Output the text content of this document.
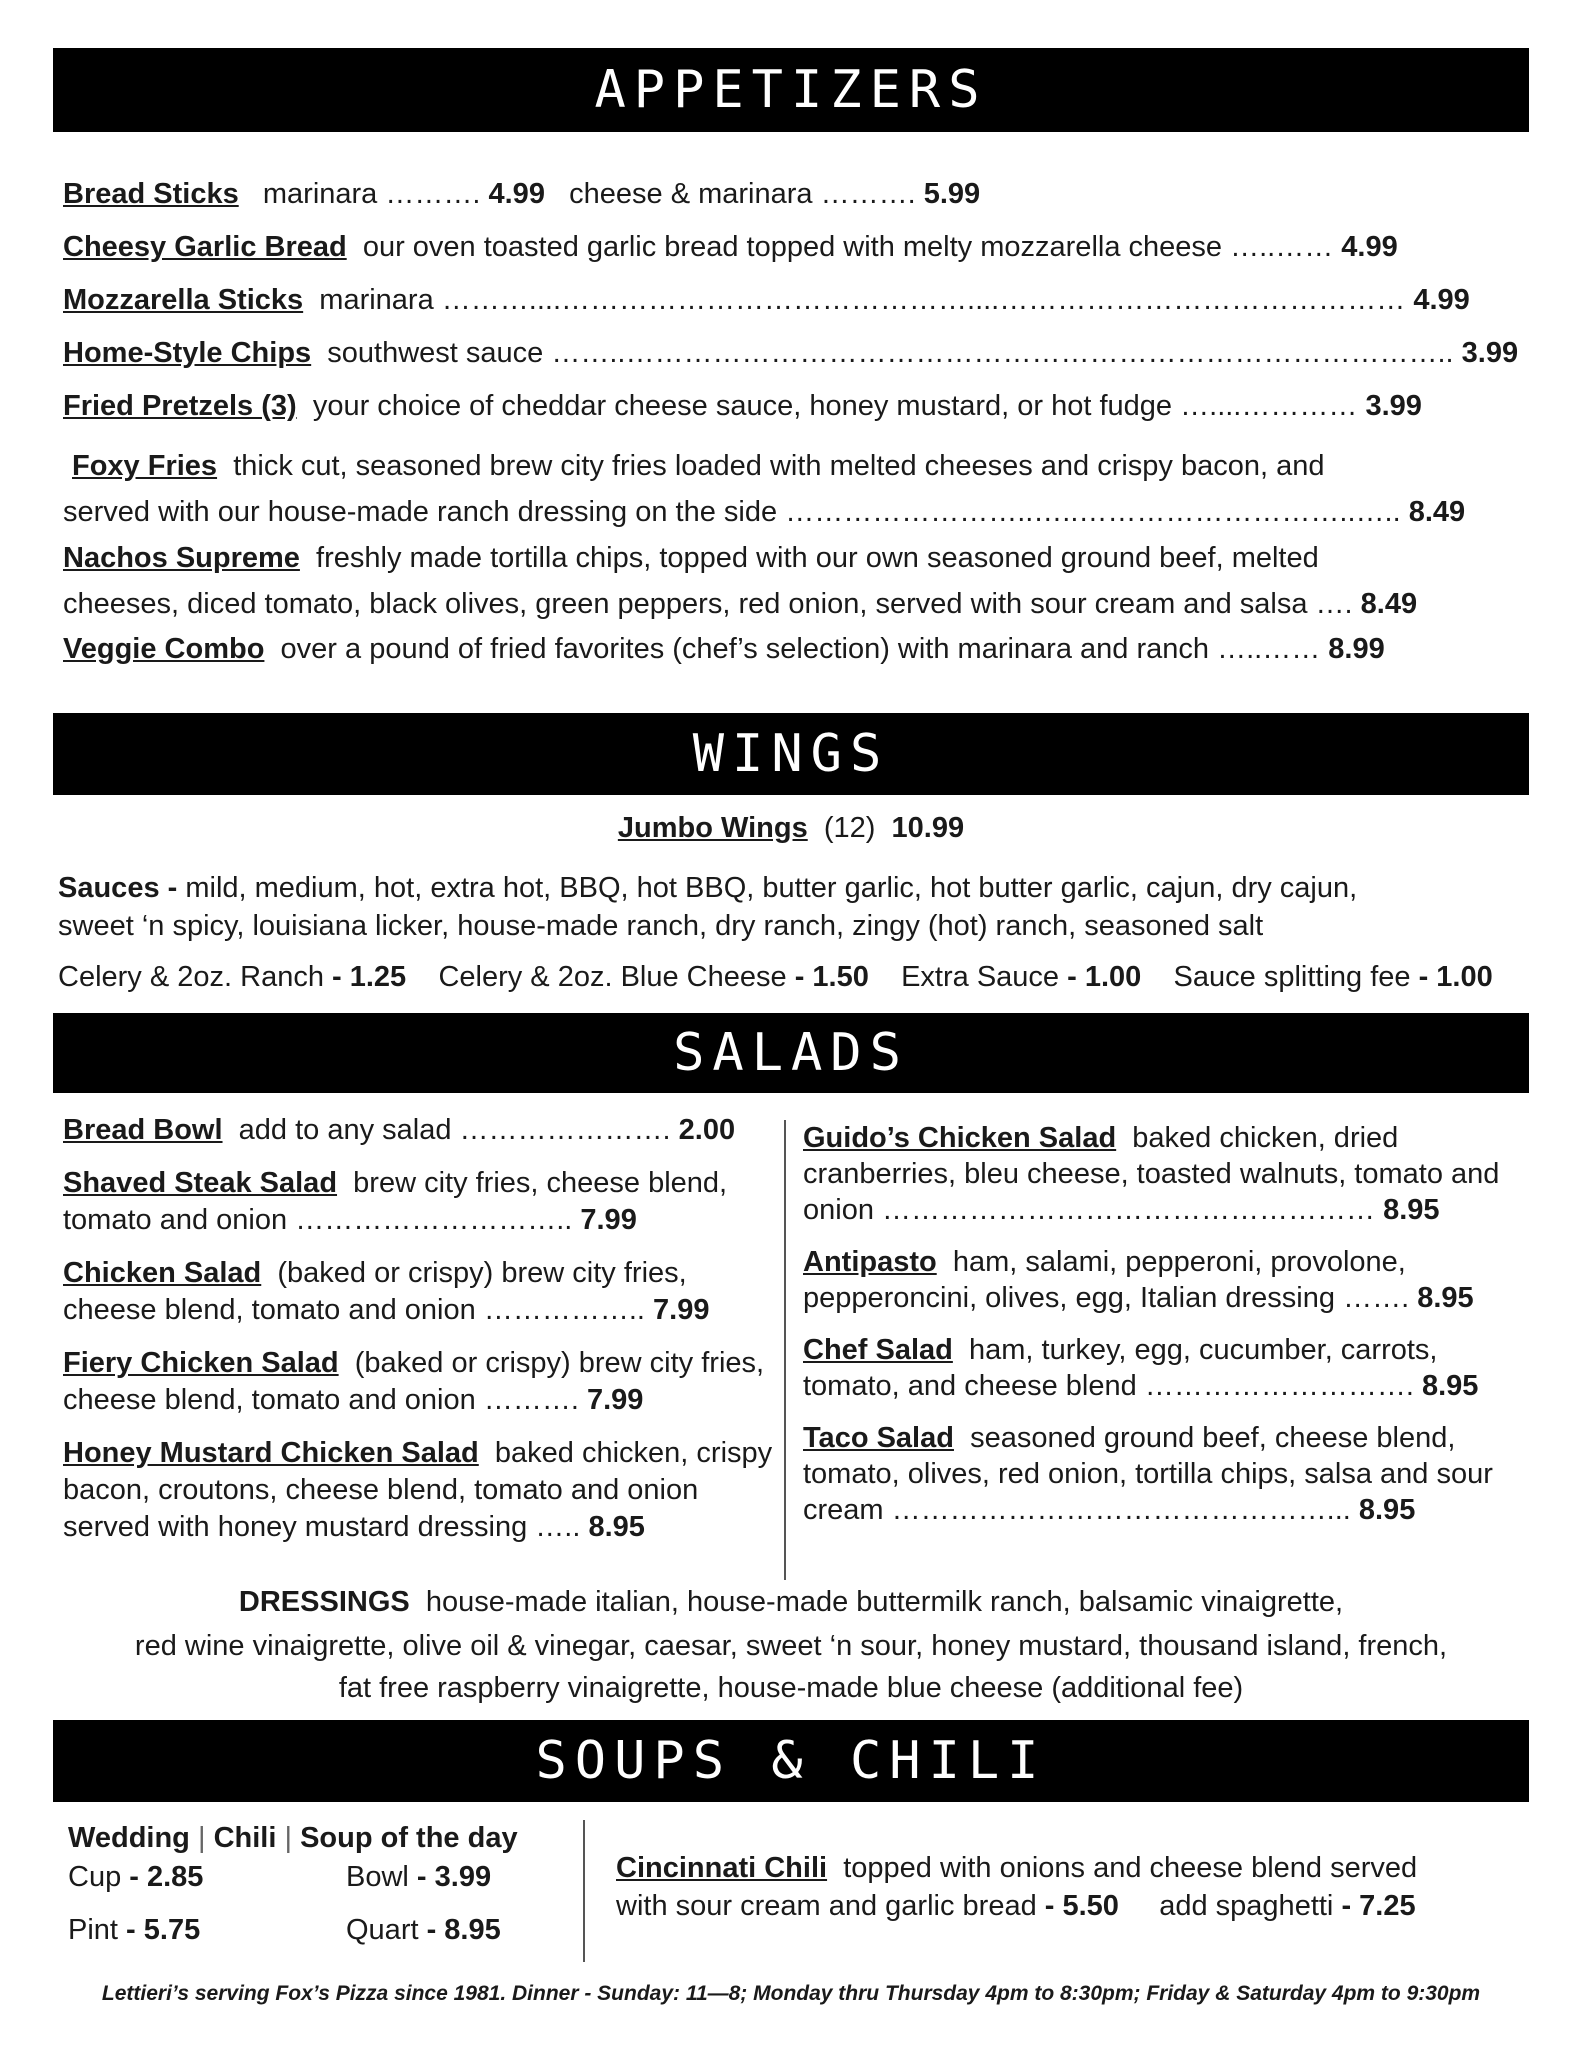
APPETIZERS
Bread Sticks marinara ………. 4.99 cheese & marinara ………. 5.99
Cheesy Garlic Bread our oven toasted garlic bread topped with melty mozzarella cheese …..…… 4.99
Mozzarella Sticks marinara ………....……………………………………....…………………………………… 4.99
Home-Style Chips southwest sauce ……..………………………………………………………………………….. 3.99
Fried Pretzels (3) your choice of cheddar cheese sauce, honey mustard, or hot fudge …....………… 3.99
Foxy Fries thick cut, seasoned brew city fries loaded with melted cheeses and crispy bacon, and
served with our house-made ranch dressing on the side ……………………..…..………………………..….. 8.49
Nachos Supreme freshly made tortilla chips, topped with our own seasoned ground beef, melted
cheeses, diced tomato, black olives, green peppers, red onion, served with sour cream and salsa …. 8.49
Veggie Combo over a pound of fried favorites (chef’s selection) with marinara and ranch …..…… 8.99
WINGS
Jumbo Wings (12) 10.99
Sauces - mild, medium, hot, extra hot, BBQ, hot BBQ, butter garlic, hot butter garlic, cajun, dry cajun,
sweet ‘n spicy, louisiana licker, house-made ranch, dry ranch, zingy (hot) ranch, seasoned salt
Celery & 2oz. Ranch - 1.25 Celery & 2oz. Blue Cheese - 1.50 Extra Sauce - 1.00 Sauce splitting fee - 1.00
SALADS
Bread Bowl add to any salad …………………. 2.00
Shaved Steak Salad brew city fries, cheese blend, tomato and onion ……………………….. 7.99
Chicken Salad (baked or crispy) brew city fries, cheese blend, tomato and onion …………….. 7.99
Fiery Chicken Salad (baked or crispy) brew city fries, cheese blend, tomato and onion ………. 7.99
Honey Mustard Chicken Salad baked chicken, crispy bacon, croutons, cheese blend, tomato and onion served with honey mustard dressing ….. 8.95
Guido’s Chicken Salad baked chicken, dried cranberries, bleu cheese, toasted walnuts, tomato and onion …………………………………………… 8.95
Antipasto ham, salami, pepperoni, provolone, pepperoncini, olives, egg, Italian dressing ……. 8.95
Chef Salad ham, turkey, egg, cucumber, carrots, tomato, and cheese blend ………………………. 8.95
Taco Salad seasoned ground beef, cheese blend, tomato, olives, red onion, tortilla chips, salsa and sour cream ………………………………………... 8.95
DRESSINGS house-made italian, house-made buttermilk ranch, balsamic vinaigrette,
red wine vinaigrette, olive oil & vinegar, caesar, sweet ‘n sour, honey mustard, thousand island, french,
fat free raspberry vinaigrette, house-made blue cheese (additional fee)
SOUPS & CHILI
Wedding | Chili | Soup of the day
Cup - 2.85	Bowl - 3.99
Pint - 5.75	Quart - 8.95
Cincinnati Chili topped with onions and cheese blend served
with sour cream and garlic bread - 5.50 add spaghetti - 7.25
Lettieri’s serving Fox’s Pizza since 1981. Dinner - Sunday: 11—8; Monday thru Thursday 4pm to 8:30pm; Friday & Saturday 4pm to 9:30pm
